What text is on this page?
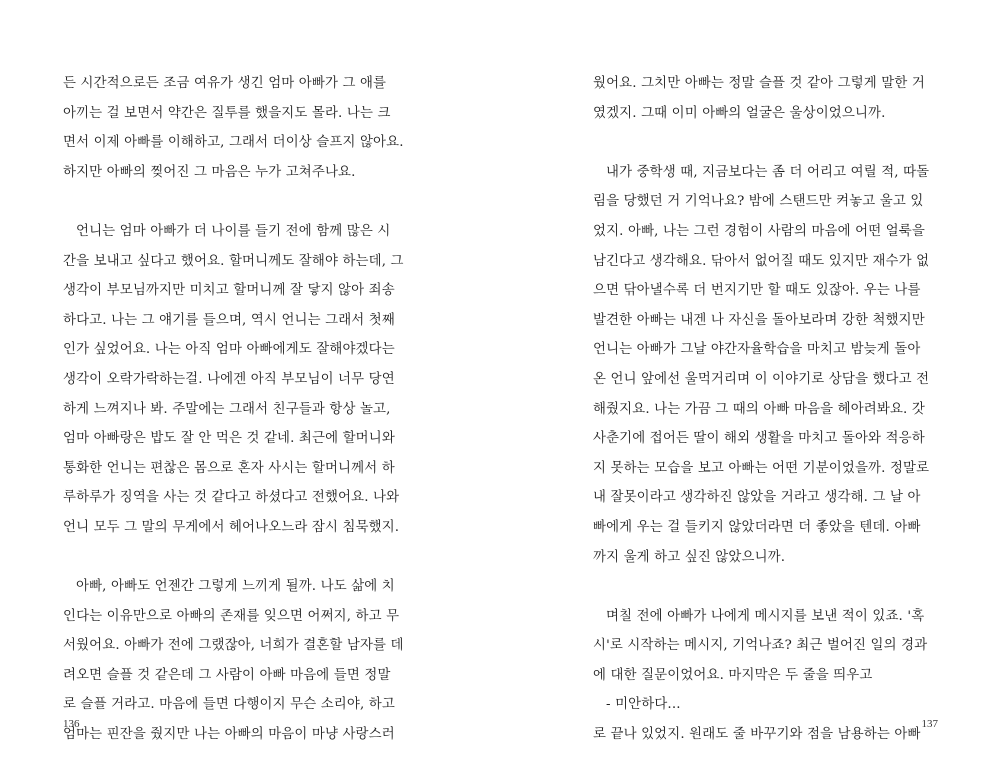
든 시간적으로든 조금 여유가 생긴 엄마 아빠가 그 애를
아끼는 걸 보면서 약간은 질투를 했을지도 몰라. 나는 크
면서 이제 아빠를 이해하고, 그래서 더이상 슬프지 않아요.
하지만 아빠의 찢어진 그 마음은 누가 고쳐주나요.
언니는 엄마 아빠가 더 나이를 들기 전에 함께 많은 시
간을 보내고 싶다고 했어요. 할머니께도 잘해야 하는데, 그
생각이 부모님까지만 미치고 할머니께 잘 닿지 않아 죄송
하다고. 나는 그 얘기를 들으며, 역시 언니는 그래서 첫째
인가 싶었어요. 나는 아직 엄마 아빠에게도 잘해야겠다는
생각이 오락가락하는걸. 나에겐 아직 부모님이 너무 당연
하게 느껴지나 봐. 주말에는 그래서 친구들과 항상 놀고,
엄마 아빠랑은 밥도 잘 안 먹은 것 같네. 최근에 할머니와
통화한 언니는 편찮은 몸으로 혼자 사시는 할머니께서 하
루하루가 징역을 사는 것 같다고 하셨다고 전했어요. 나와
언니 모두 그 말의 무게에서 헤어나오느라 잠시 침묵했지.
아빠, 아빠도 언젠간 그렇게 느끼게 될까. 나도 삶에 치
인다는 이유만으로 아빠의 존재를 잊으면 어쩌지, 하고 무
서웠어요. 아빠가 전에 그랬잖아, 너희가 결혼할 남자를 데
려오면 슬플 것 같은데 그 사람이 아빠 마음에 들면 정말
로 슬플 거라고. 마음에 들면 다행이지 무슨 소리야, 하고
엄마는 핀잔을 줬지만 나는 아빠의 마음이 마냥 사랑스러
136
웠어요. 그치만 아빠는 정말 슬플 것 같아 그렇게 말한 거
였겠지. 그때 이미 아빠의 얼굴은 울상이었으니까.
내가 중학생 때, 지금보다는 좀 더 어리고 여릴 적, 따돌
림을 당했던 거 기억나요? 밤에 스탠드만 켜놓고 울고 있
었지. 아빠, 나는 그런 경험이 사람의 마음에 어떤 얼룩을
남긴다고 생각해요. 닦아서 없어질 때도 있지만 재수가 없
으면 닦아낼수록 더 번지기만 할 때도 있잖아. 우는 나를
발견한 아빠는 내겐 나 자신을 돌아보라며 강한 척했지만
언니는 아빠가 그날 야간자율학습을 마치고 밤늦게 돌아
온 언니 앞에선 울먹거리며 이 이야기로 상담을 했다고 전
해줬지요. 나는 가끔 그 때의 아빠 마음을 헤아려봐요. 갓
사춘기에 접어든 딸이 해외 생활을 마치고 돌아와 적응하
지 못하는 모습을 보고 아빠는 어떤 기분이었을까. 정말로
내 잘못이라고 생각하진 않았을 거라고 생각해. 그 날 아
빠에게 우는 걸 들키지 않았더라면 더 좋았을 텐데. 아빠
까지 울게 하고 싶진 않았으니까.
며칠 전에 아빠가 나에게 메시지를 보낸 적이 있죠. '혹
시'로 시작하는 메시지, 기억나죠? 최근 벌어진 일의 경과
에 대한 질문이었어요. 마지막은 두 줄을 띄우고
- 미안하다...
로 끝나 있었지. 원래도 줄 바꾸기와 점을 남용하는 아빠
137
